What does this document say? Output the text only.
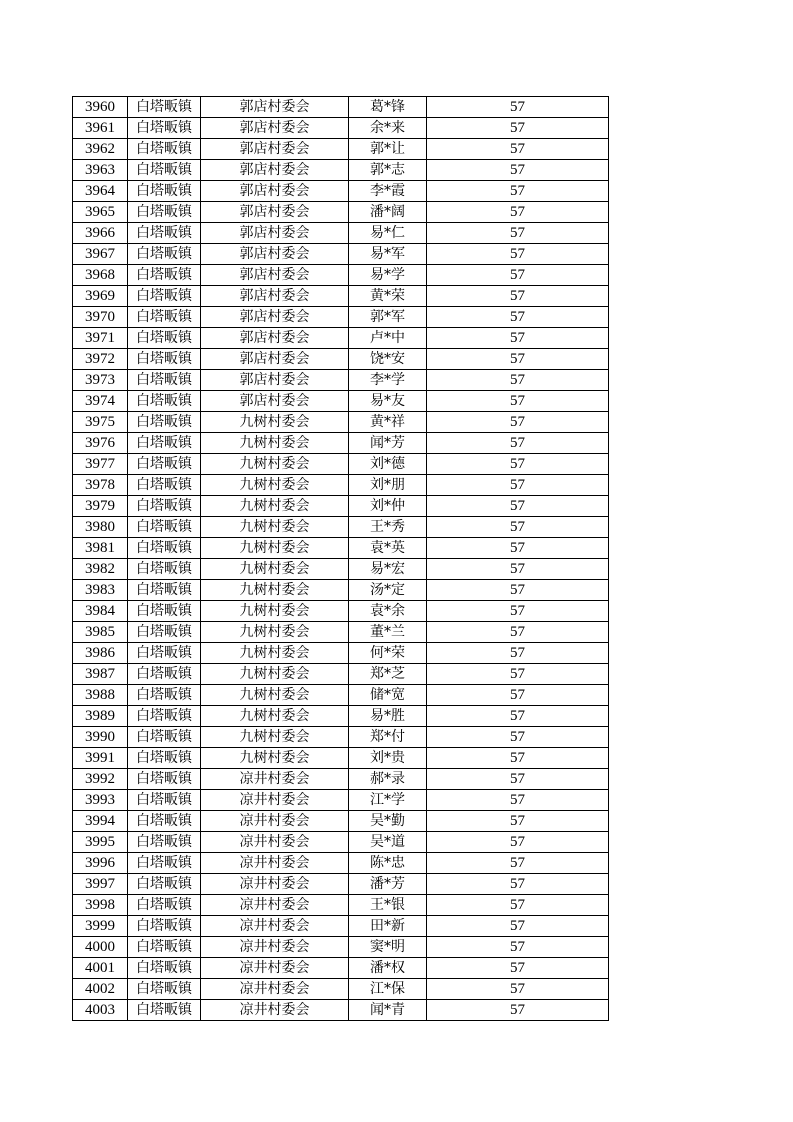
3960	白塔畈镇	郭店村委会	葛*锋	57
3961	白塔畈镇	郭店村委会	余*来	57
3962	白塔畈镇	郭店村委会	郭*让	57
3963	白塔畈镇	郭店村委会	郭*志	57
3964	白塔畈镇	郭店村委会	李*霞	57
3965	白塔畈镇	郭店村委会	潘*阔	57
3966	白塔畈镇	郭店村委会	易*仁	57
3967	白塔畈镇	郭店村委会	易*军	57
3968	白塔畈镇	郭店村委会	易*学	57
3969	白塔畈镇	郭店村委会	黄*荣	57
3970	白塔畈镇	郭店村委会	郭*军	57
3971	白塔畈镇	郭店村委会	卢*中	57
3972	白塔畈镇	郭店村委会	饶*安	57
3973	白塔畈镇	郭店村委会	李*学	57
3974	白塔畈镇	郭店村委会	易*友	57
3975	白塔畈镇	九树村委会	黄*祥	57
3976	白塔畈镇	九树村委会	闻*芳	57
3977	白塔畈镇	九树村委会	刘*德	57
3978	白塔畈镇	九树村委会	刘*朋	57
3979	白塔畈镇	九树村委会	刘*仲	57
3980	白塔畈镇	九树村委会	王*秀	57
3981	白塔畈镇	九树村委会	袁*英	57
3982	白塔畈镇	九树村委会	易*宏	57
3983	白塔畈镇	九树村委会	汤*定	57
3984	白塔畈镇	九树村委会	袁*余	57
3985	白塔畈镇	九树村委会	董*兰	57
3986	白塔畈镇	九树村委会	何*荣	57
3987	白塔畈镇	九树村委会	郑*芝	57
3988	白塔畈镇	九树村委会	储*宽	57
3989	白塔畈镇	九树村委会	易*胜	57
3990	白塔畈镇	九树村委会	郑*付	57
3991	白塔畈镇	九树村委会	刘*贵	57
3992	白塔畈镇	凉井村委会	郝*录	57
3993	白塔畈镇	凉井村委会	江*学	57
3994	白塔畈镇	凉井村委会	吴*勤	57
3995	白塔畈镇	凉井村委会	吴*道	57
3996	白塔畈镇	凉井村委会	陈*忠	57
3997	白塔畈镇	凉井村委会	潘*芳	57
3998	白塔畈镇	凉井村委会	王*银	57
3999	白塔畈镇	凉井村委会	田*新	57
4000	白塔畈镇	凉井村委会	窦*明	57
4001	白塔畈镇	凉井村委会	潘*权	57
4002	白塔畈镇	凉井村委会	江*保	57
4003	白塔畈镇	凉井村委会	闻*青	57
